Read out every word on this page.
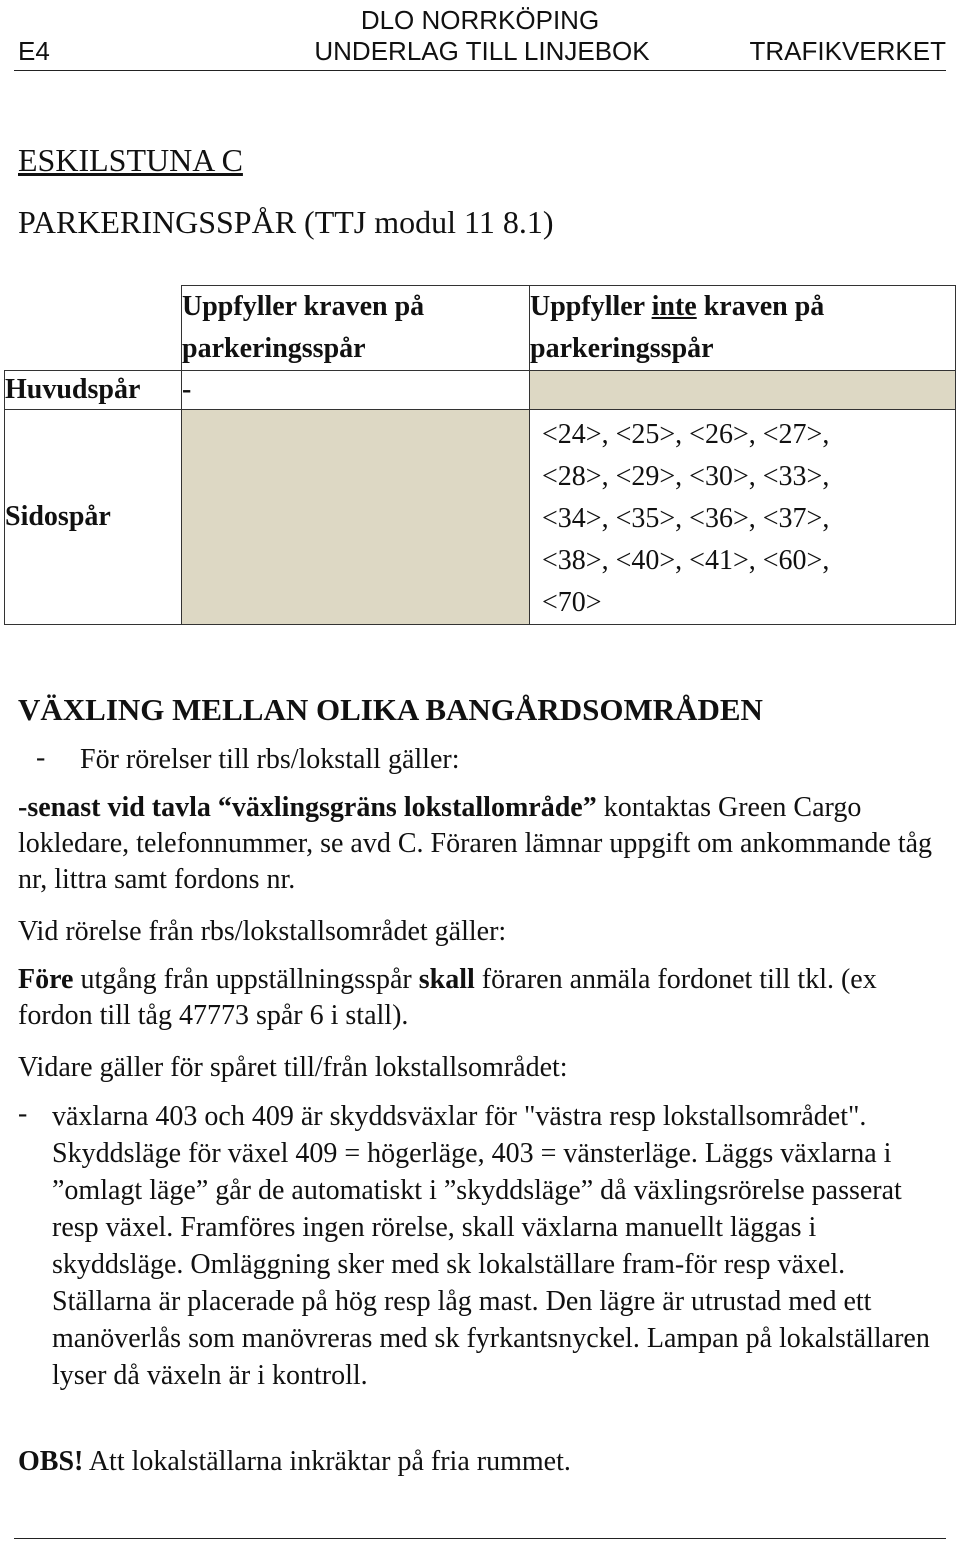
DLO NORRKÖPING
E4	UNDERLAG TILL LINJEBOK	TRAFIKVERKET
ESKILSTUNA C
PARKERINGSSPÅR (TTJ modul 11 8.1)
	Uppfyller kraven på parkeringsspår	Uppfyller inte kraven på parkeringsspår
Huvudspår	-	
Sidospår		<24>, <25>, <26>, <27>,
<28>, <29>, <30>, <33>,
<34>, <35>, <36>, <37>,
<38>, <40>, <41>, <60>,
<70>
VÄXLING MELLAN OLIKA BANGÅRDSOMRÅDEN
- För rörelser till rbs/lokstall gäller:

-senast vid tavla “växlingsgräns lokstallområde” kontaktas Green Cargo lokledare, telefonnummer, se avd C. Föraren lämnar uppgift om ankommande tåg nr, littra samt fordons nr.

Vid rörelse från rbs/lokstallsområdet gäller:

Före utgång från uppställningsspår skall föraren anmäla fordonet till tkl. (ex fordon till tåg 47773 spår 6 i stall).

Vidare gäller för spåret till/från lokstallsområdet:

- växlarna 403 och 409 är skyddsväxlar för "västra resp lokstallsområdet". Skyddsläge för växel 409 = högerläge, 403 = vänsterläge. Läggs växlarna i ”omlagt läge” går de automatiskt i ”skyddsläge” då växlingsrörelse passerat resp växel. Framföres ingen rörelse, skall växlarna manuellt läggas i skyddsläge. Omläggning sker med sk lokalställare fram-för resp växel. Ställarna är placerade på hög resp låg mast. Den lägre är utrustad med ett manöverlås som manövreras med sk fyrkantsnyckel. Lampan på lokalställaren lyser då växeln är i kontroll.

OBS! Att lokalställarna inkräktar på fria rummet.
